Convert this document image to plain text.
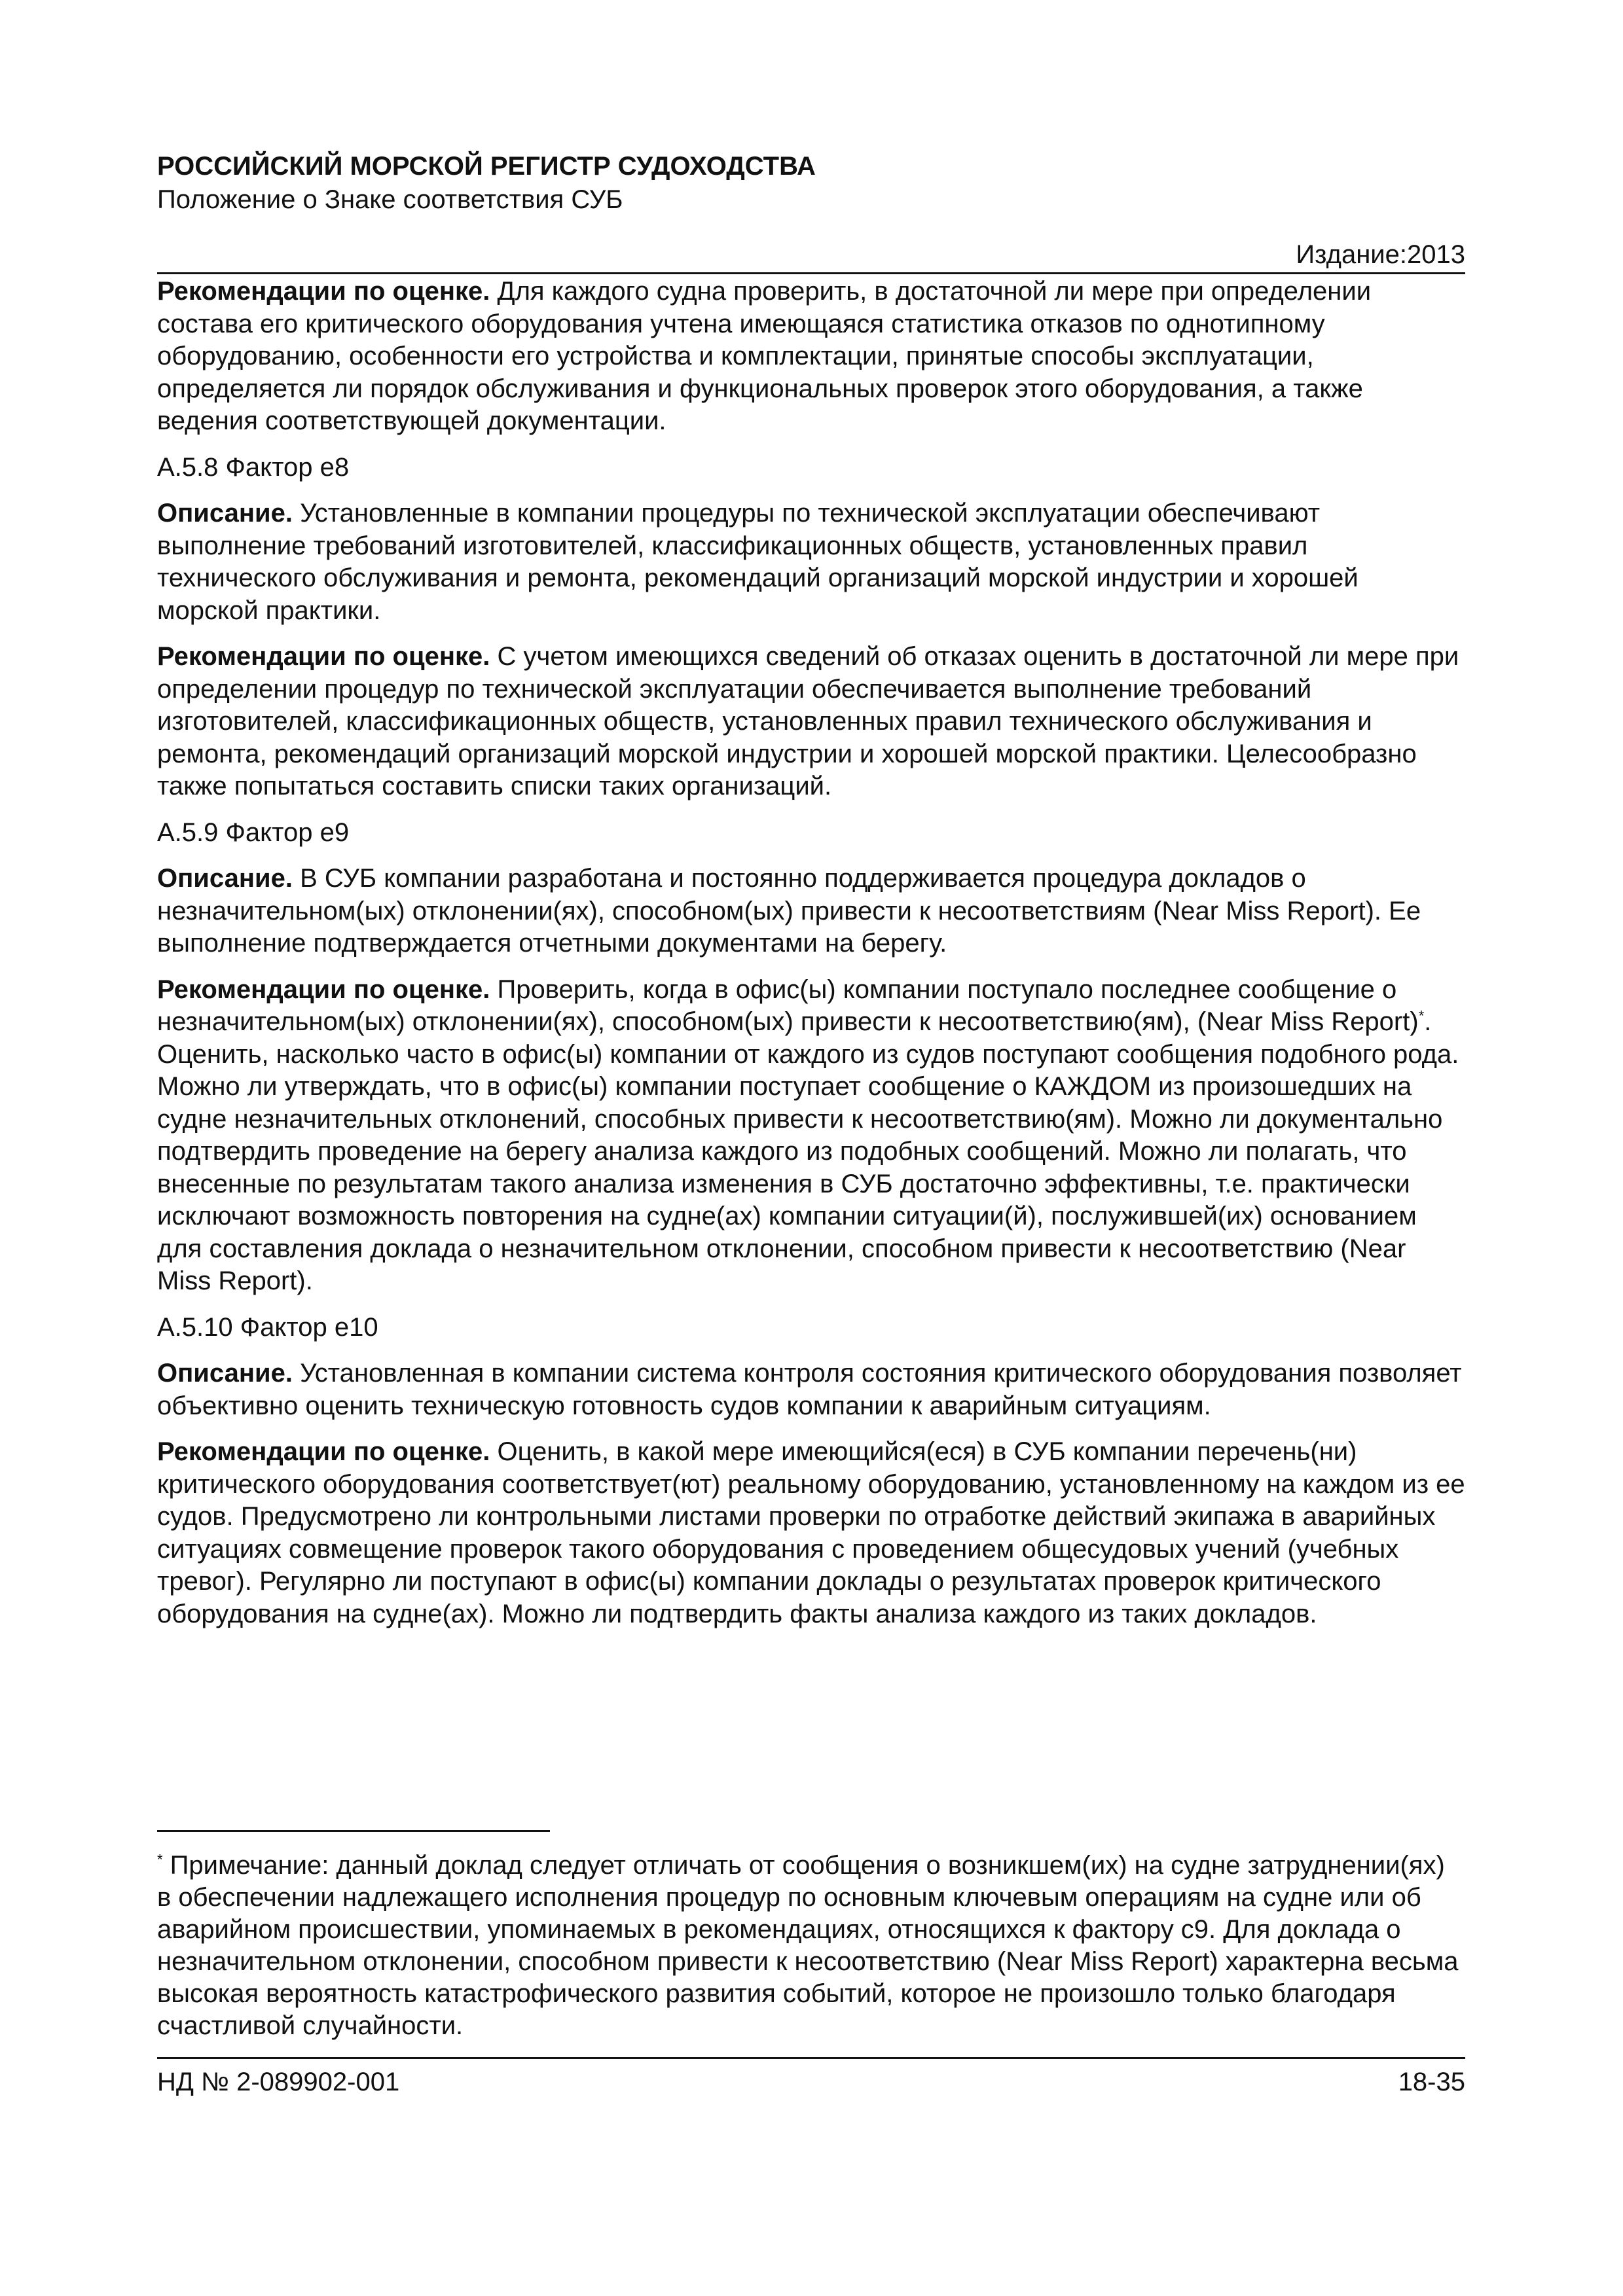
РОССИЙСКИЙ МОРСКОЙ РЕГИСТР СУДОХОДСТВА

Положение о Знаке соответствия СУБ

Издание:2013

Рекомендации по оценке. Для каждого судна проверить, в достаточной ли мере при определении состава его критического оборудования учтена имеющаяся статистика отказов по однотипному оборудованию, особенности его устройства и комплектации, принятые способы эксплуатации, определяется ли порядок обслуживания и функциональных проверок этого оборудования, а также ведения соответствующей документации.

А.5.8 Фактор е8

Описание. Установленные в компании процедуры по технической эксплуатации обеспечивают выполнение требований изготовителей, классификационных обществ, установленных правил технического обслуживания и ремонта, рекомендаций организаций морской индустрии и хорошей морской практики.

Рекомендации по оценке. С учетом имеющихся сведений об отказах оценить в достаточной ли мере при определении процедур по технической эксплуатации обеспечивается выполнение требований изготовителей, классификационных обществ, установленных правил технического обслуживания и ремонта, рекомендаций организаций морской индустрии и хорошей морской практики. Целесообразно также попытаться составить списки таких организаций.

А.5.9 Фактор е9

Описание. В СУБ компании разработана и постоянно поддерживается процедура докладов о незначительном(ых) отклонении(ях), способном(ых) привести к несоответствиям (Near Miss Report). Ее выполнение подтверждается отчетными документами на берегу.

Рекомендации по оценке. Проверить, когда в офис(ы) компании поступало последнее сообщение о незначительном(ых) отклонении(ях), способном(ых) привести к несоответствию(ям), (Near Miss Report)*. Оценить, насколько часто в офис(ы) компании от каждого из судов поступают сообщения подобного рода. Можно ли утверждать, что в офис(ы) компании поступает сообщение о КАЖДОМ из произошедших на судне незначительных отклонений, способных привести к несоответствию(ям). Можно ли документально подтвердить проведение на берегу анализа каждого из подобных сообщений. Можно ли полагать, что внесенные по результатам такого анализа изменения в СУБ достаточно эффективны, т.е. практически исключают возможность повторения на судне(ах) компании ситуации(й), послужившей(их) основанием для составления доклада о незначительном отклонении, способном привести к несоответствию (Near Miss Report).

А.5.10 Фактор е10

Описание. Установленная в компании система контроля состояния критического оборудования позволяет объективно оценить техническую готовность судов компании к аварийным ситуациям.

Рекомендации по оценке. Оценить, в какой мере имеющийся(еся) в СУБ компании перечень(ни) критического оборудования соответствует(ют) реальному оборудованию, установленному на каждом из ее судов. Предусмотрено ли контрольными листами проверки по отработке действий экипажа в аварийных ситуациях совмещение проверок такого оборудования с проведением общесудовых учений (учебных тревог). Регулярно ли поступают в офис(ы) компании доклады о результатах проверок критического оборудования на судне(ах). Можно ли подтвердить факты анализа каждого из таких докладов.

* Примечание: данный доклад следует отличать от сообщения о возникшем(их) на судне затруднении(ях) в обеспечении надлежащего исполнения процедур по основным ключевым операциям на судне или об аварийном происшествии, упоминаемых в рекомендациях, относящихся к фактору с9. Для доклада о незначительном отклонении, способном привести к несоответствию (Near Miss Report) характерна весьма высокая вероятность катастрофического развития событий, которое не произошло только благодаря счастливой случайности.

НД № 2-089902-001	18-35
